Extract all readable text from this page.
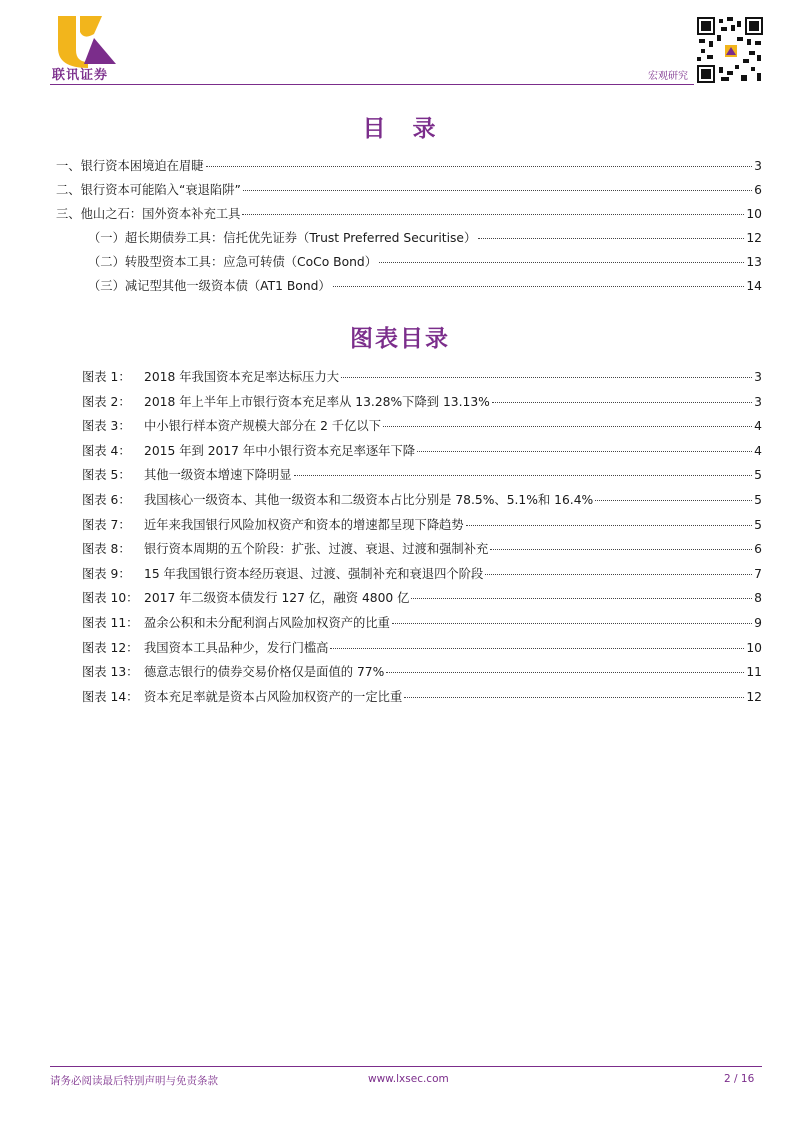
联讯证券	宏观研究
目　录
一、银行资本困境迫在眉睫	3
二、银行资本可能陷入“衰退陷阱”	6
三、他山之石：国外资本补充工具	10
（一）超长期债券工具：信托优先证券（Trust Preferred Securitise）	12
（二）转股型资本工具：应急可转债（CoCo Bond）	13
（三）减记型其他一级资本债（AT1 Bond）	14
图表目录
图表 1：	2018 年我国资本充足率达标压力大	3
图表 2：	2018 年上半年上市银行资本充足率从 13.28%下降到 13.13%	3
图表 3：	中小银行样本资产规模大部分在 2 千亿以下	4
图表 4：	2015 年到 2017 年中小银行资本充足率逐年下降	4
图表 5：	其他一级资本增速下降明显	5
图表 6：	我国核心一级资本、其他一级资本和二级资本占比分别是 78.5%、5.1%和 16.4%	5
图表 7：	近年来我国银行风险加权资产和资本的增速都呈现下降趋势	5
图表 8：	银行资本周期的五个阶段：扩张、过渡、衰退、过渡和强制补充	6
图表 9：	15 年我国银行资本经历衰退、过渡、强制补充和衰退四个阶段	7
图表 10： 2017 年二级资本债发行 127 亿，融资 4800 亿	8
图表 11： 盈余公积和未分配利润占风险加权资产的比重	9
图表 12： 我国资本工具品种少，发行门槛高	10
图表 13： 德意志银行的债券交易价格仅是面值的 77%	11
图表 14： 资本充足率就是资本占风险加权资产的一定比重	12
请务必阅读最后特别声明与免责条款	www.lxsec.com	2 / 16
